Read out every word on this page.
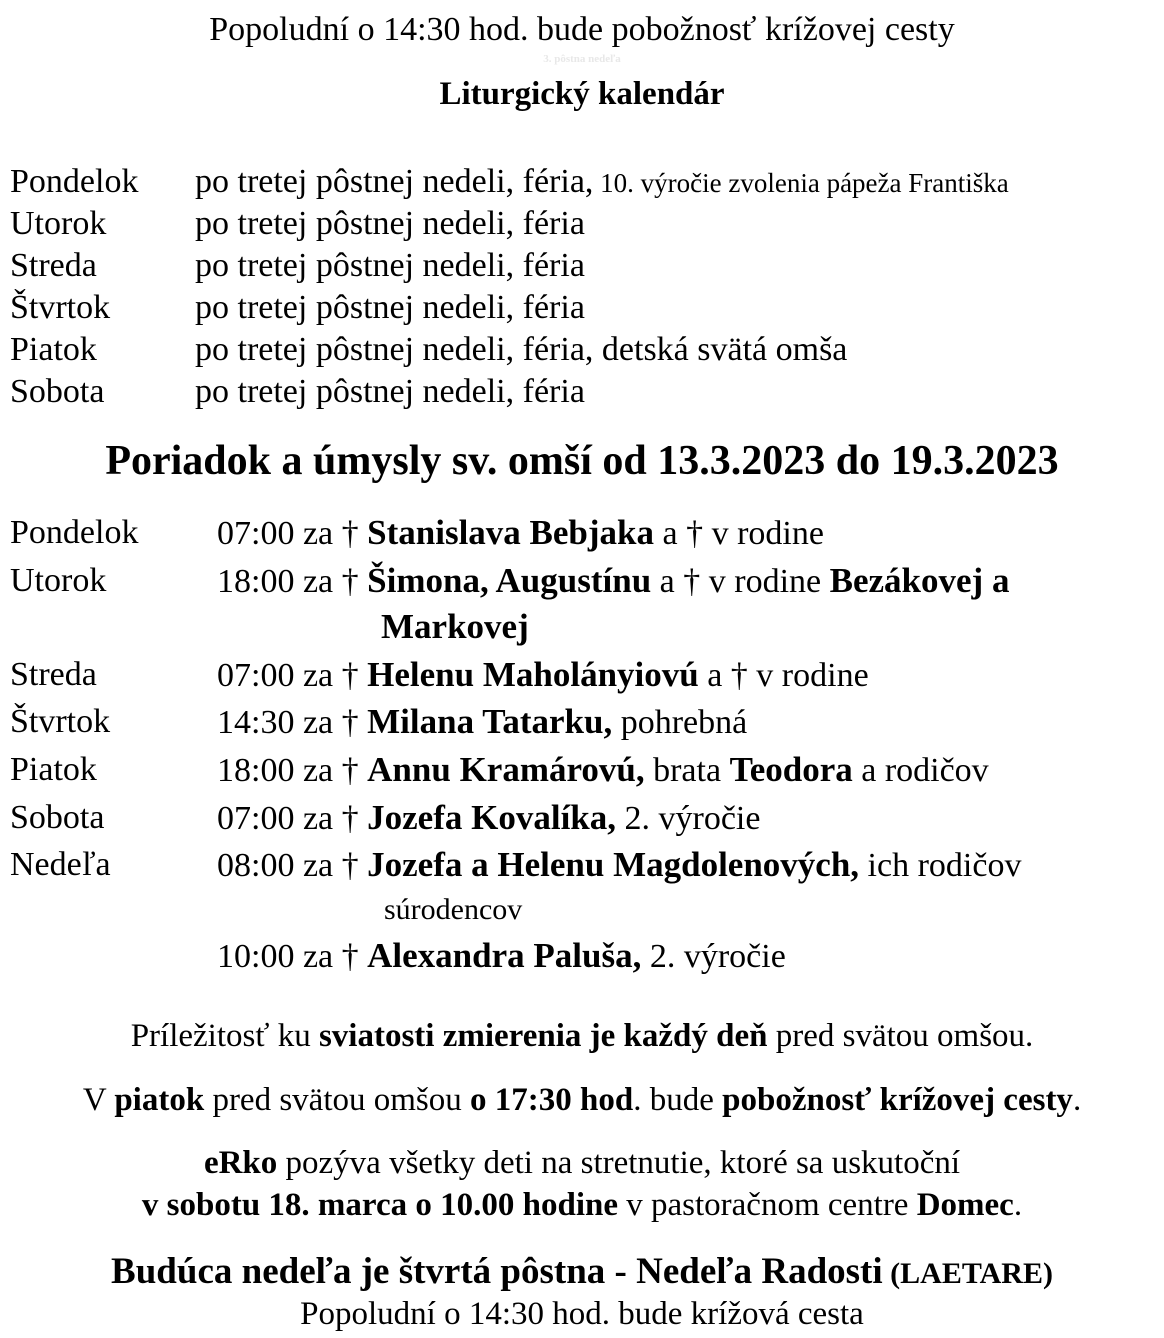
Popoludní o 14:30 hod. bude pobožnosť krížovej cesty
3. pôstna nedeľa
Liturgický kalendár
Pondelok po tretej pôstnej nedeli, féria, 10. výročie zvolenia pápeža Františka
Utorok	po tretej pôstnej nedeli, féria
Streda	po tretej pôstnej nedeli, féria
Štvrtok po tretej pôstnej nedeli, féria
Piatok	po tretej pôstnej nedeli, féria, detská svätá omša
Sobota	po tretej pôstnej nedeli, féria
Poriadok a úmysly sv. omší od 13.3.2023 do 19.3.2023
Pondelok 07:00 za † Stanislava Bebjaka a † v rodine
Utorok	18:00 za † Šimona, Augustínu a † v rodine Bezákovej a
Markovej
Streda	07:00 za † Helenu Maholányiovú a † v rodine
Štvrtok	14:30 za † Milana Tatarku, pohrebná
Piatok	18:00 za † Annu Kramárovú, brata Teodora a rodičov
Sobota	07:00 za † Jozefa Kovalíka, 2. výročie
Nedeľa	08:00 za † Jozefa a Helenu Magdolenových, ich rodičov
súrodencov
10:00 za † Alexandra Paluša, 2. výročie
Príležitosť ku sviatosti zmierenia je každý deň pred svätou omšou.
V piatok pred svätou omšou o 17:30 hod. bude pobožnosť krížovej cesty.
eRko pozýva všetky deti na stretnutie, ktoré sa uskutoční
v sobotu 18. marca o 10.00 hodine v pastoračnom centre Domec.
Budúca nedeľa je štvrtá pôstna - Nedeľa Radosti (LAETARE)
Popoludní o 14:30 hod. bude krížová cesta
